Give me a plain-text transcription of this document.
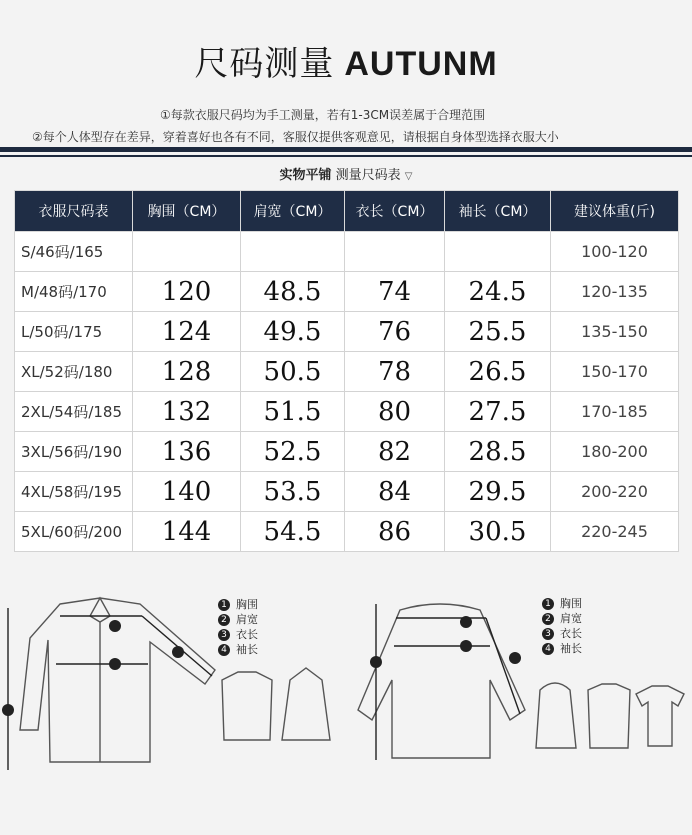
尺码测量 AUTUNM
①每款衣服尺码均为手工测量，若有1-3CM误差属于合理范围
②每个人体型存在差异，穿着喜好也各有不同，客服仅提供客观意见，请根据自身体型选择衣服大小
实物平铺 测量尺码表 ▽
衣服尺码表	胸围（CM）	肩宽（CM）	衣长（CM）	袖长（CM）	建议体重(斤)
S/46码/165					100-120
M/48码/170	120	48.5	74	24.5	120-135
L/50码/175	124	49.5	76	25.5	135-150
XL/52码/180	128	50.5	78	26.5	150-170
2XL/54码/185	132	51.5	80	27.5	170-185
3XL/56码/190	136	52.5	82	28.5	180-200
4XL/58码/195	140	53.5	84	29.5	200-220
5XL/60码/200	144	54.5	86	30.5	220-245
1 胸围
2 肩宽
3 衣长
4 袖长
1 胸围
2 肩宽
3 衣长
4 袖长
